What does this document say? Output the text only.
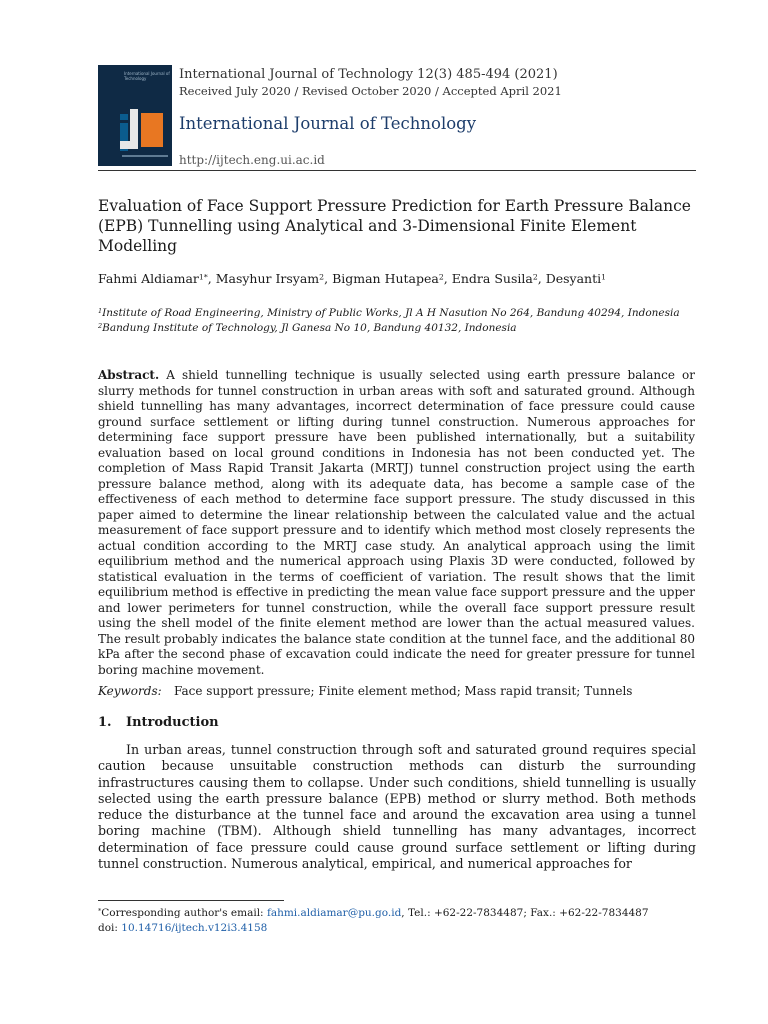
International Journal of Technology	International Journal of Technology 12(3) 485-494 (2021)
Received July 2020 / Revised October 2020 / Accepted April 2021
International Journal of Technology
http://ijtech.eng.ui.ac.id
Evaluation of Face Support Pressure Prediction for Earth Pressure Balance (EPB) Tunnelling using Analytical and 3-Dimensional Finite Element Modelling
Fahmi Aldiamar$^{1*}$, Masyhur Irsyam$^2$, Bigman Hutapea$^2$, Endra Susila$^2$, Desyanti$^1$
$^1$Institute of Road Engineering, Ministry of Public Works, Jl A H Nasution No 264, Bandung 40294, Indonesia
$^2$Bandung Institute of Technology, Jl Ganesa No 10, Bandung 40132, Indonesia

Abstract. A shield tunnelling technique is usually selected using earth pressure balance or slurry methods for tunnel construction in urban areas with soft and saturated ground. Although shield tunnelling has many advantages, incorrect determination of face pressure could cause ground surface settlement or lifting during tunnel construction. Numerous approaches for determining face support pressure have been published internationally, but a suitability evaluation based on local ground conditions in Indonesia has not been conducted yet. The completion of Mass Rapid Transit Jakarta (MRTJ) tunnel construction project using the earth pressure balance method, along with its adequate data, has become a sample case of the effectiveness of each method to determine face support pressure. The study discussed in this paper aimed to determine the linear relationship between the calculated value and the actual measurement of face support pressure and to identify which method most closely represents the actual condition according to the MRTJ case study. An analytical approach using the limit equilibrium method and the numerical approach using Plaxis 3D were conducted, followed by statistical evaluation in the terms of coefficient of variation. The result shows that the limit equilibrium method is effective in predicting the mean value face support pressure and the upper and lower perimeters for tunnel construction, while the overall face support pressure result using the shell model of the finite element method are lower than the actual measured values. The result probably indicates the balance state condition at the tunnel face, and the additional 80 kPa after the second phase of excavation could indicate the need for greater pressure for tunnel boring machine movement.

Keywords: Face support pressure; Finite element method; Mass rapid transit; Tunnels
1. Introduction

In urban areas, tunnel construction through soft and saturated ground requires special caution because unsuitable construction methods can disturb the surrounding infrastructures causing them to collapse. Under such conditions, shield tunnelling is usually selected using the earth pressure balance (EPB) method or slurry method. Both methods reduce the disturbance at the tunnel face and around the excavation area using a tunnel boring machine (TBM). Although shield tunnelling has many advantages, incorrect determination of face pressure could cause ground surface settlement or lifting during tunnel construction. Numerous analytical, empirical, and numerical approaches for

*Corresponding author's email: fahmi.aldiamar@pu.go.id, Tel.: +62-22-7834487; Fax.: +62-22-7834487
doi: 10.14716/ijtech.v12i3.4158
